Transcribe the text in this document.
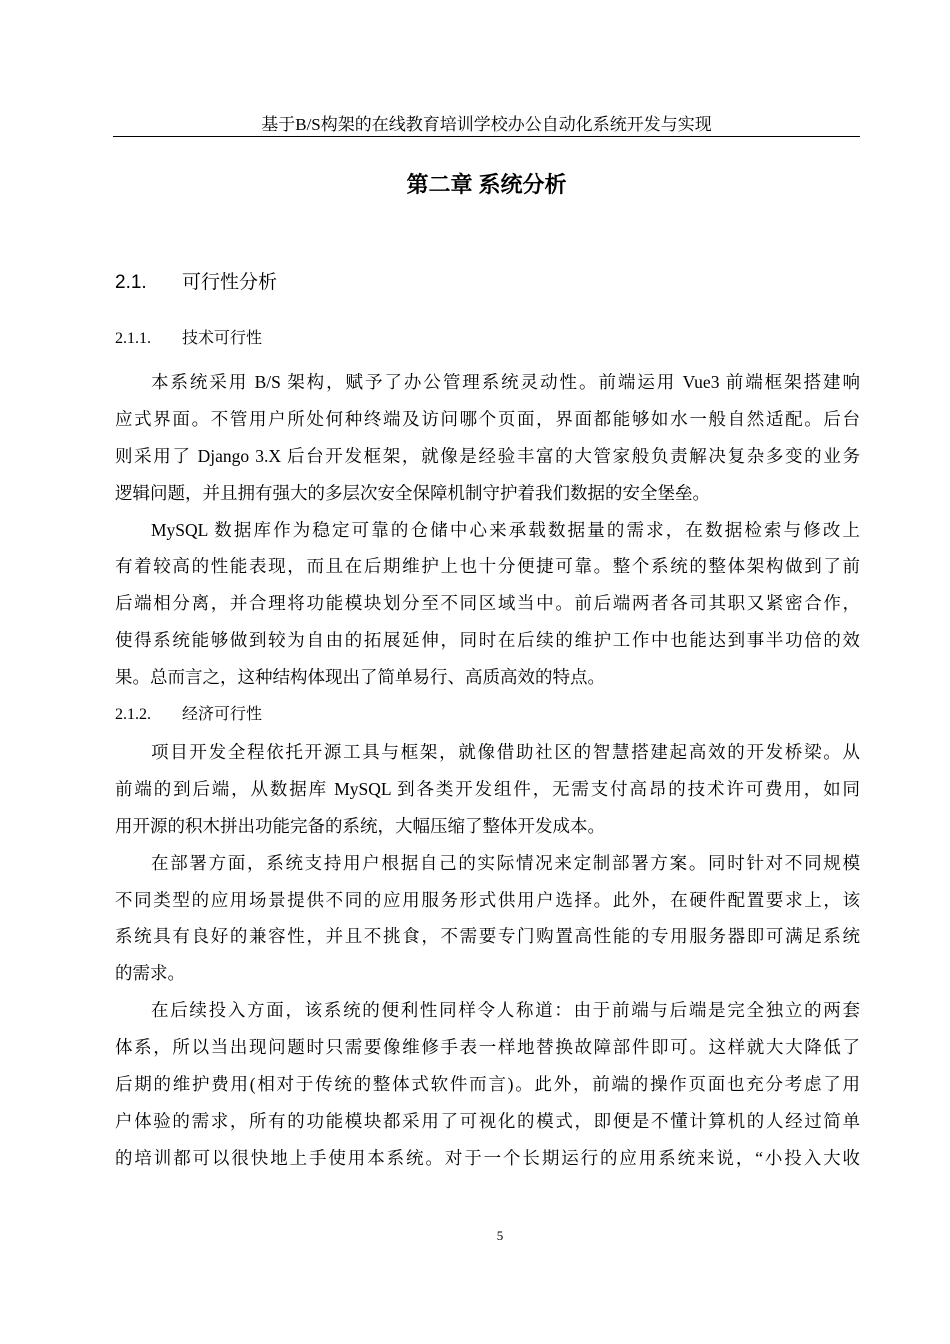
基于B/S构架的在线教育培训学校办公自动化系统开发与实现
第二章 系统分析
2.1. 可行性分析
2.1.1. 技术可行性
本系统采用 B/S 架构，赋予了办公管理系统灵动性。前端运用 Vue3 前端框架搭建响
应式界面。不管用户所处何种终端及访问哪个页面，界面都能够如水一般自然适配。后台
则采用了 Django 3.X 后台开发框架，就像是经验丰富的大管家般负责解决复杂多变的业务
逻辑问题，并且拥有强大的多层次安全保障机制守护着我们数据的安全堡垒。
MySQL 数据库作为稳定可靠的仓储中心来承载数据量的需求，在数据检索与修改上
有着较高的性能表现，而且在后期维护上也十分便捷可靠。整个系统的整体架构做到了前
后端相分离，并合理将功能模块划分至不同区域当中。前后端两者各司其职又紧密合作，
使得系统能够做到较为自由的拓展延伸，同时在后续的维护工作中也能达到事半功倍的效
果。总而言之，这种结构体现出了简单易行、高质高效的特点。
2.1.2. 经济可行性
项目开发全程依托开源工具与框架，就像借助社区的智慧搭建起高效的开发桥梁。从
前端的到后端，从数据库 MySQL 到各类开发组件，无需支付高昂的技术许可费用，如同
用开源的积木拼出功能完备的系统，大幅压缩了整体开发成本。
在部署方面，系统支持用户根据自己的实际情况来定制部署方案。同时针对不同规模
不同类型的应用场景提供不同的应用服务形式供用户选择。此外，在硬件配置要求上，该
系统具有良好的兼容性，并且不挑食，不需要专门购置高性能的专用服务器即可满足系统
的需求。
在后续投入方面，该系统的便利性同样令人称道：由于前端与后端是完全独立的两套
体系，所以当出现问题时只需要像维修手表一样地替换故障部件即可。这样就大大降低了
后期的维护费用(相对于传统的整体式软件而言)。此外，前端的操作页面也充分考虑了用
户体验的需求，所有的功能模块都采用了可视化的模式，即便是不懂计算机的人经过简单
的培训都可以很快地上手使用本系统。对于一个长期运行的应用系统来说，“小投入大收
5
